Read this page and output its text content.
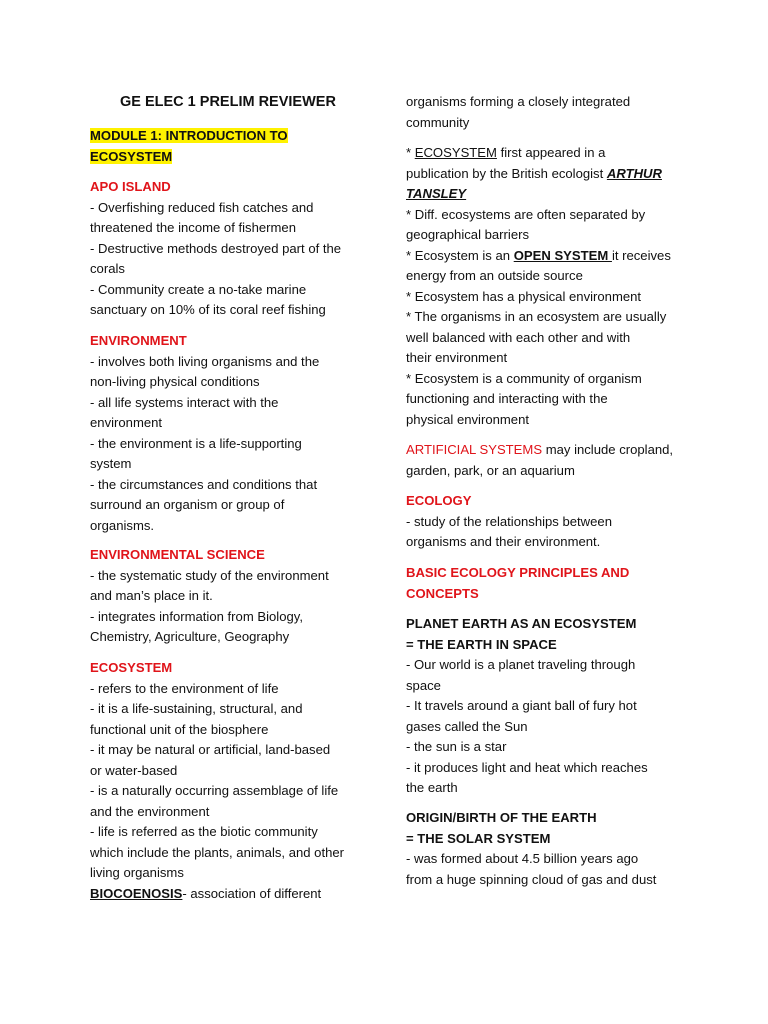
GE ELEC 1 PRELIM REVIEWER

MODULE 1: INTRODUCTION TO

ECOSYSTEM

APO ISLAND

- Overfishing reduced fish catches and

threatened the income of fishermen

- Destructive methods destroyed part of the

corals

- Community create a no-take marine

sanctuary on 10% of its coral reef fishing

ENVIRONMENT

- involves both living organisms and the

non-living physical conditions

- all life systems interact with the

environment

- the environment is a life-supporting

system

- the circumstances and conditions that

surround an organism or group of

organisms.

ENVIRONMENTAL SCIENCE

- the systematic study of the environment

and man’s place in it.

- integrates information from Biology,

Chemistry, Agriculture, Geography

ECOSYSTEM

- refers to the environment of life

- it is a life-sustaining, structural, and

functional unit of the biosphere

- it may be natural or artificial, land-based

or water-based

- is a naturally occurring assemblage of life

and the environment

- life is referred as the biotic community

which include the plants, animals, and other

living organisms

BIOCOENOSIS- association of different

organisms forming a closely integrated

community

* ECOSYSTEM first appeared in a

publication by the British ecologist ARTHUR

TANSLEY

* Diff. ecosystems are often separated by

geographical barriers

* Ecosystem is an OPEN SYSTEM it receives

energy from an outside source

* Ecosystem has a physical environment

* The organisms in an ecosystem are usually

well balanced with each other and with

their environment

* Ecosystem is a community of organism

functioning and interacting with the

physical environment

ARTIFICIAL SYSTEMS may include cropland,

garden, park, or an aquarium

ECOLOGY

- study of the relationships between

organisms and their environment.

BASIC ECOLOGY PRINCIPLES AND

CONCEPTS

PLANET EARTH AS AN ECOSYSTEM

= THE EARTH IN SPACE

- Our world is a planet traveling through

space

- It travels around a giant ball of fury hot

gases called the Sun

- the sun is a star

- it produces light and heat which reaches

the earth

ORIGIN/BIRTH OF THE EARTH

= THE SOLAR SYSTEM

- was formed about 4.5 billion years ago

from a huge spinning cloud of gas and dust
